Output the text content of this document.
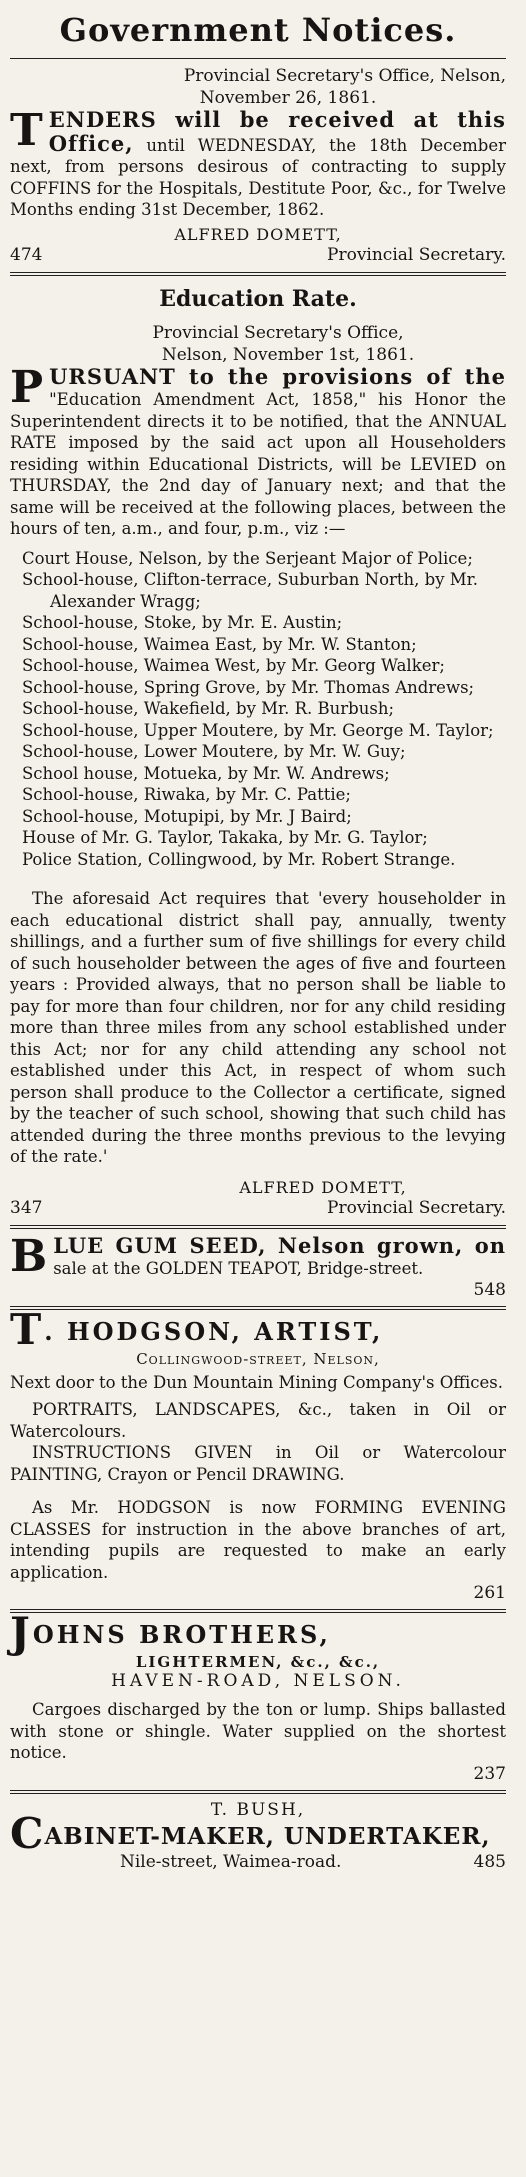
Government Notices.
Provincial Secretary's Office, Nelson,
November 26, 1861.

TENDERS will be received at this Office, until WEDNESDAY, the 18th December next, from persons desirous of contracting to supply COFFINS for the Hospitals, Destitute Poor, &c., for Twelve Months ending 31st December, 1862.

ALFRED DOMETT,
474	Provincial Secretary.
Education Rate.
Provincial Secretary's Office,
Nelson, November 1st, 1861.

PURSUANT to the provisions of the "Education Amendment Act, 1858," his Honor the Superintendent directs it to be notified, that the ANNUAL RATE imposed by the said act upon all Householders residing within Educational Districts, will be LEVIED on THURSDAY, the 2nd day of January next; and that the same will be received at the following places, between the hours of ten, a.m., and four, p.m., viz :—

Court House, Nelson, by the Serjeant Major of Police;
School-house, Clifton-terrace, Suburban North, by Mr. Alexander Wragg;
School-house, Stoke, by Mr. E. Austin;
School-house, Waimea East, by Mr. W. Stanton;
School-house, Waimea West, by Mr. Georg Walker;
School-house, Spring Grove, by Mr. Thomas Andrews;
School-house, Wakefield, by Mr. R. Burbush;
School-house, Upper Moutere, by Mr. George M. Taylor;
School-house, Lower Moutere, by Mr. W. Guy;
School house, Motueka, by Mr. W. Andrews;
School-house, Riwaka, by Mr. C. Pattie;
School-house, Motupipi, by Mr. J Baird;
House of Mr. G. Taylor, Takaka, by Mr. G. Taylor;
Police Station, Collingwood, by Mr. Robert Strange.

The aforesaid Act requires that 'every householder in each educational district shall pay, annually, twenty shillings, and a further sum of five shillings for every child of such householder between the ages of five and fourteen years : Provided always, that no person shall be liable to pay for more than four children, nor for any child residing more than three miles from any school established under this Act; nor for any child attending any school not established under this Act, in respect of whom such person shall produce to the Collector a certificate, signed by the teacher of such school, showing that such child has attended during the three months previous to the levying of the rate.'

ALFRED DOMETT,
347	Provincial Secretary.

BLUE GUM SEED, Nelson grown, on sale at the GOLDEN TEAPOT, Bridge-street.

548
T. HODGSON, ARTIST,
Collingwood-street, Nelson,

Next door to the Dun Mountain Mining Company's Offices.

PORTRAITS, LANDSCAPES, &c., taken in Oil or Watercolours.

INSTRUCTIONS GIVEN in Oil or Watercolour PAINTING, Crayon or Pencil DRAWING.

As Mr. HODGSON is now FORMING EVENING CLASSES for instruction in the above branches of art, intending pupils are requested to make an early application.

261
JOHNS BROTHERS,
LIGHTERMEN, &c., &c.,
HAVEN-ROAD, NELSON.

Cargoes discharged by the ton or lump. Ships ballasted with stone or shingle. Water supplied on the shortest notice.

237
T. BUSH,
CABINET-MAKER, UNDERTAKER,
Nile-street, Waimea-road.	485
